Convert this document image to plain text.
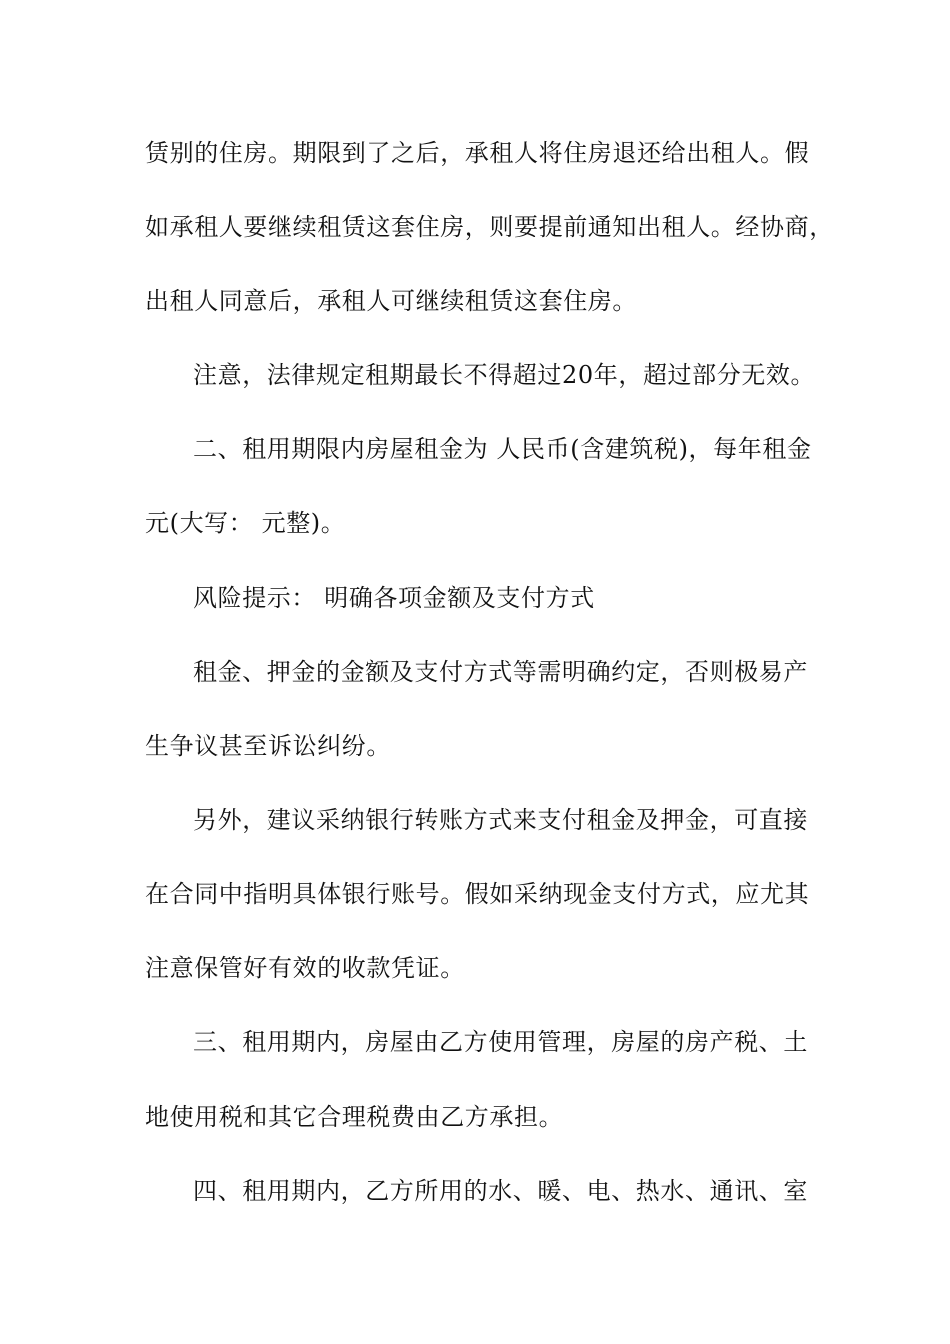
赁别的住房。期限到了之后，承租人将住房退还给出租人。假
如承租人要继续租赁这套住房，则要提前通知出租人。经协商，
出租人同意后，承租人可继续租赁这套住房。
注意，法律规定租期最长不得超过20年，超过部分无效。
二、租用期限内房屋租金为 人民币(含建筑税)，每年租金
元(大写： 元整)。
风险提示： 明确各项金额及支付方式
租金、押金的金额及支付方式等需明确约定，否则极易产
生争议甚至诉讼纠纷。
另外，建议采纳银行转账方式来支付租金及押金，可直接
在合同中指明具体银行账号。假如采纳现金支付方式，应尤其
注意保管好有效的收款凭证。
三、租用期内，房屋由乙方使用管理，房屋的房产税、土
地使用税和其它合理税费由乙方承担。
四、租用期内，乙方所用的水、暖、电、热水、通讯、室
